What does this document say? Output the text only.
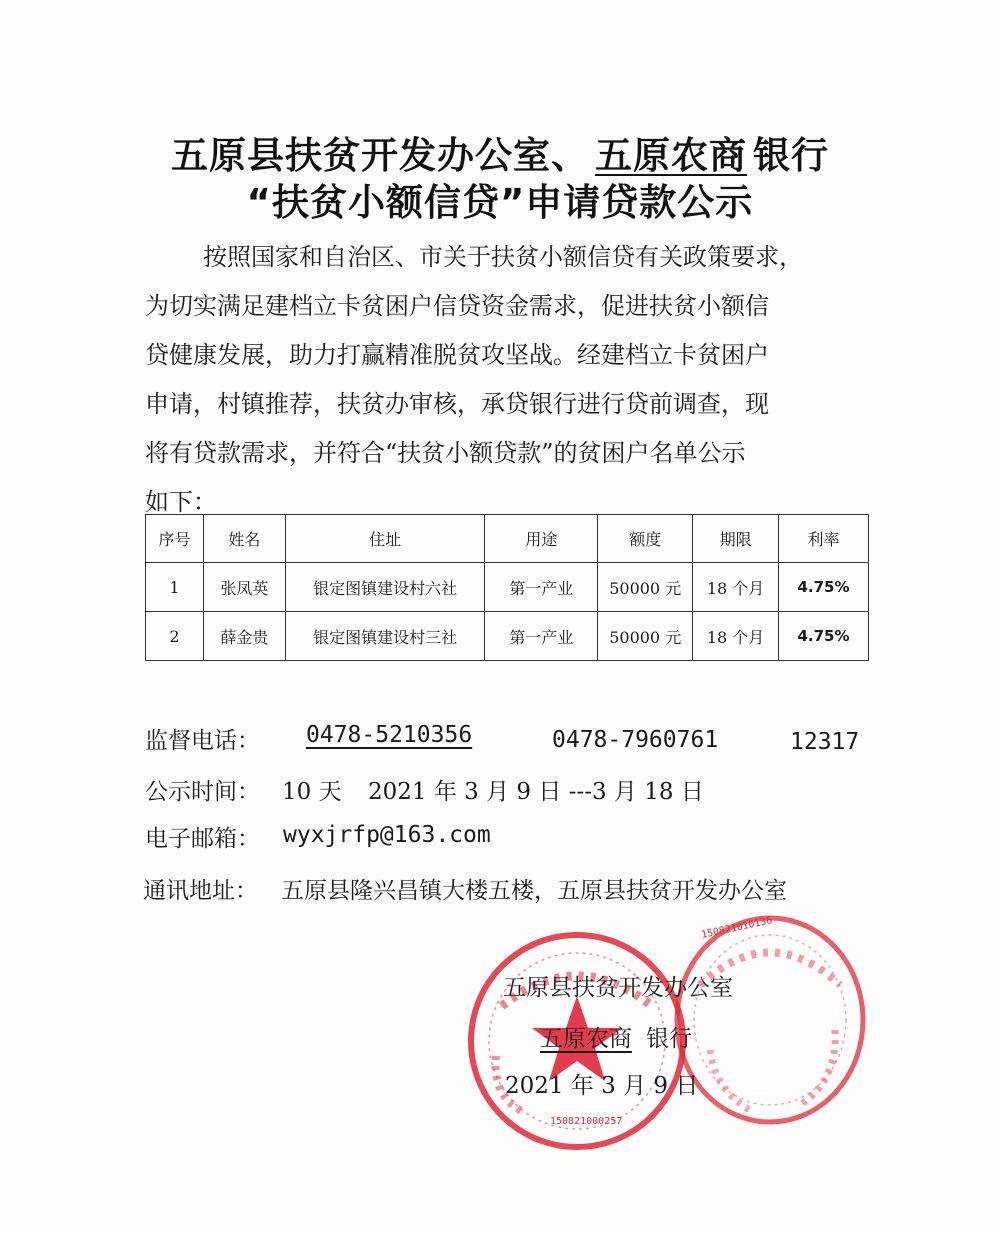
五原县扶贫开发办公室、 五原农商 银行
“扶贫小额信贷”申请贷款公示
按照国家和自治区、市关于扶贫小额信贷有关政策要求，
为切实满足建档立卡贫困户信贷资金需求，促进扶贫小额信
贷健康发展，助力打赢精准脱贫攻坚战。经建档立卡贫困户
申请，村镇推荐，扶贫办审核，承贷银行进行贷前调查，现
将有贷款需求，并符合“扶贫小额贷款”的贫困户名单公示
如下：
序号	姓名	住址	用途	额度	期限	利率
1	张凤英	银定图镇建设村六社	第一产业	50000 元	18 个月	4.75%
2	薛金贵	银定图镇建设村三社	第一产业	50000 元	18 个月	4.75%
监督电话： 0478-5210356	0478-7960761	12317
公示时间： 10 天 2021 年 3 月 9 日 ---3 月 18 日
电子邮箱： wyxjrfp@163.com
通讯地址： 五原县隆兴昌镇大楼五楼，五原县扶贫开发办公室
150821000257
150821010136
五原县扶贫开发办公室
五原农商 银行
2021 年 3 月 9 日
